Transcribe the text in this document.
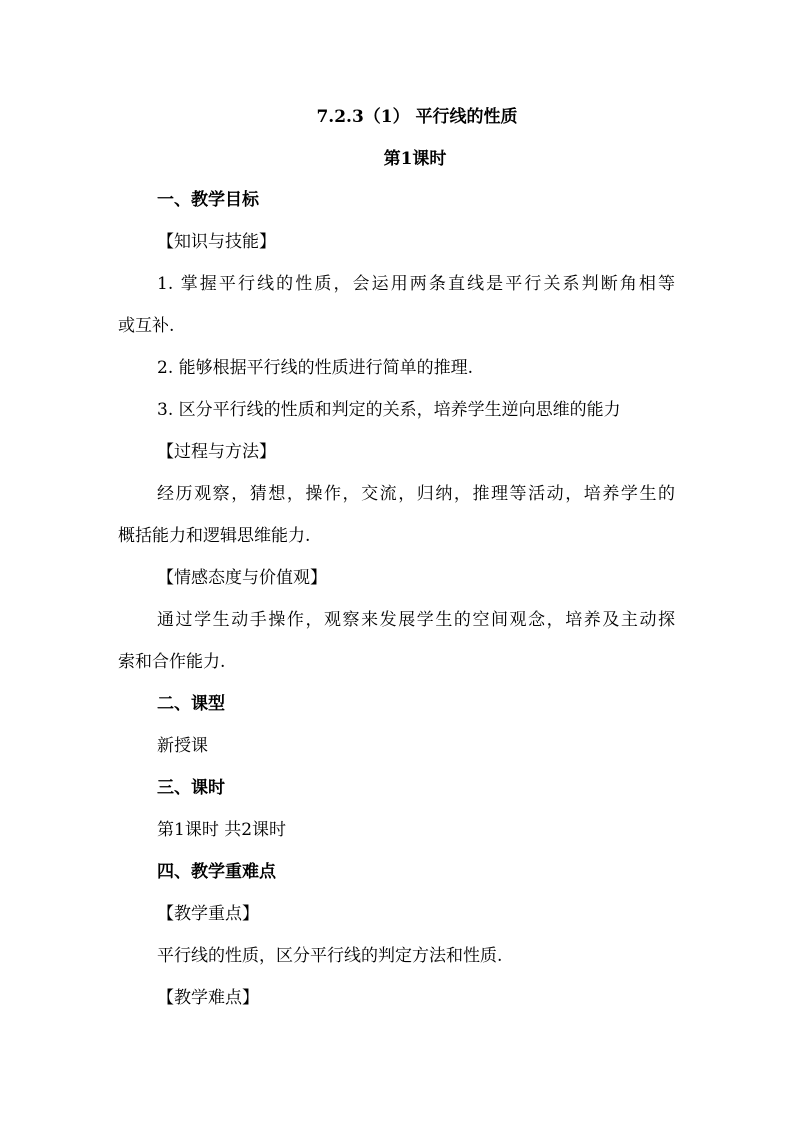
7.2.3（1） 平行线的性质
第1课时
一、教学目标
【知识与技能】
1. 掌握平行线的性质，会运用两条直线是平行关系判断角相等
或互补.
2. 能够根据平行线的性质进行简单的推理.
3. 区分平行线的性质和判定的关系，培养学生逆向思维的能力
【过程与方法】
经历观察，猜想，操作，交流，归纳，推理等活动，培养学生的
概括能力和逻辑思维能力.
【情感态度与价值观】
通过学生动手操作，观察来发展学生的空间观念，培养及主动探
索和合作能力.
二、课型
新授课
三、课时
第1课时 共2课时
四、教学重难点
【教学重点】
平行线的性质，区分平行线的判定方法和性质.
【教学难点】
